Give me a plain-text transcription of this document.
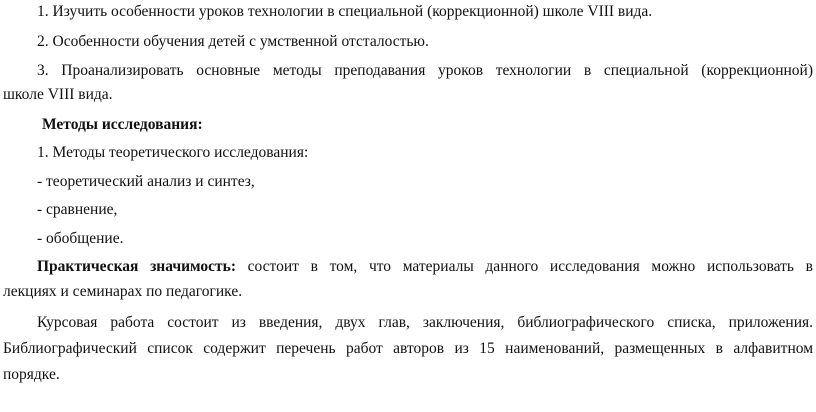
1. Изучить особенности уроков технологии в специальной (коррекционной) школе VIII вида.
2. Особенности обучения детей с умственной отсталостью.
3. Проанализировать основные методы преподавания уроков технологии в специальной (коррекционной)
школе VIII вида.
Методы исследования:
1. Методы теоретического исследования:
- теоретический анализ и синтез,
- сравнение,
- обобщение.
Практическая значимость: состоит в том, что материалы данного исследования можно использовать в
лекциях и семинарах по педагогике.
Курсовая работа состоит из введения, двух глав, заключения, библиографического списка, приложения.
Библиографический список содержит перечень работ авторов из 15 наименований, размещенных в алфавитном
порядке.
